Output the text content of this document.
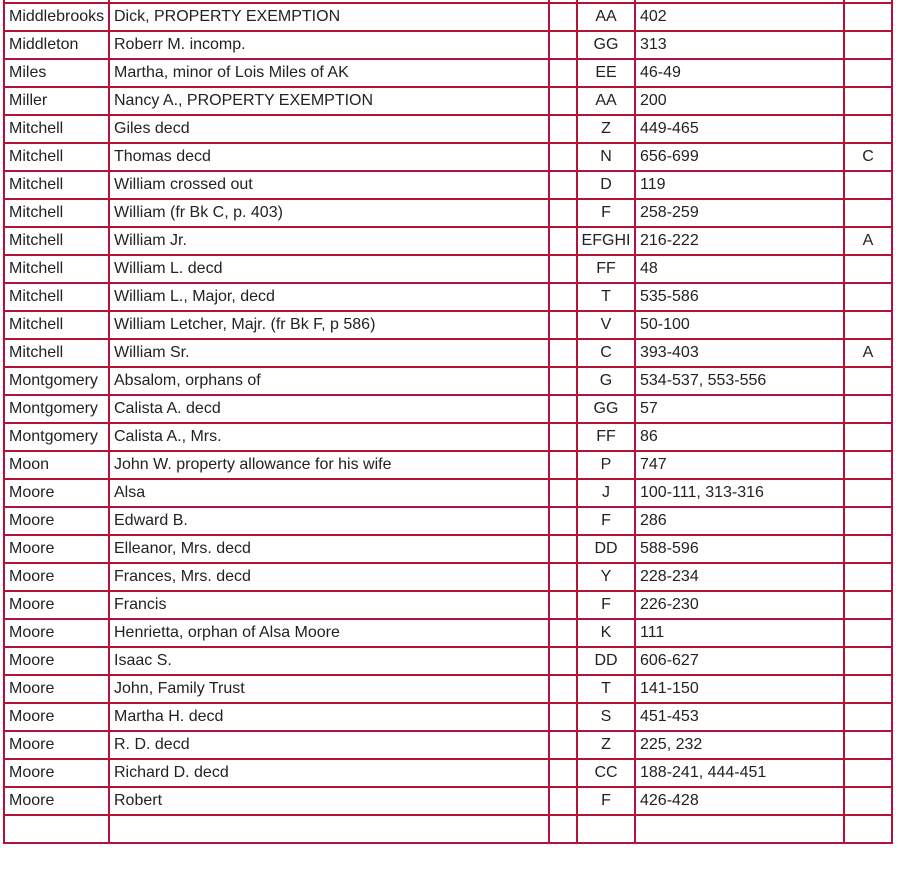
Middlebrooks	Dick, PROPERTY EXEMPTION		AA	402	
Middleton	Roberr M. incomp.		GG	313	
Miles	Martha, minor of Lois Miles of AK		EE	46-49	
Miller	Nancy A., PROPERTY EXEMPTION		AA	200	
Mitchell	Giles decd		Z	449-465	
Mitchell	Thomas decd		N	656-699	C
Mitchell	William crossed out		D	119	
Mitchell	William (fr Bk C, p. 403)		F	258-259	
Mitchell	William Jr.		EFGHI	216-222	A
Mitchell	William L. decd		FF	48	
Mitchell	William L., Major, decd		T	535-586	
Mitchell	William Letcher, Majr. (fr Bk F, p 586)		V	50-100	
Mitchell	William Sr.		C	393-403	A
Montgomery	Absalom, orphans of		G	534-537, 553-556	
Montgomery	Calista A. decd		GG	57	
Montgomery	Calista A., Mrs.		FF	86	
Moon	John W. property allowance for his wife		P	747	
Moore	Alsa		J	100-111, 313-316	
Moore	Edward B.		F	286	
Moore	Elleanor, Mrs. decd		DD	588-596	
Moore	Frances, Mrs. decd		Y	228-234	
Moore	Francis		F	226-230	
Moore	Henrietta, orphan of Alsa Moore		K	111	
Moore	Isaac S.		DD	606-627	
Moore	John, Family Trust		T	141-150	
Moore	Martha H. decd		S	451-453	
Moore	R. D. decd		Z	225, 232	
Moore	Richard D. decd		CC	188-241, 444-451	
Moore	Robert		F	426-428	
